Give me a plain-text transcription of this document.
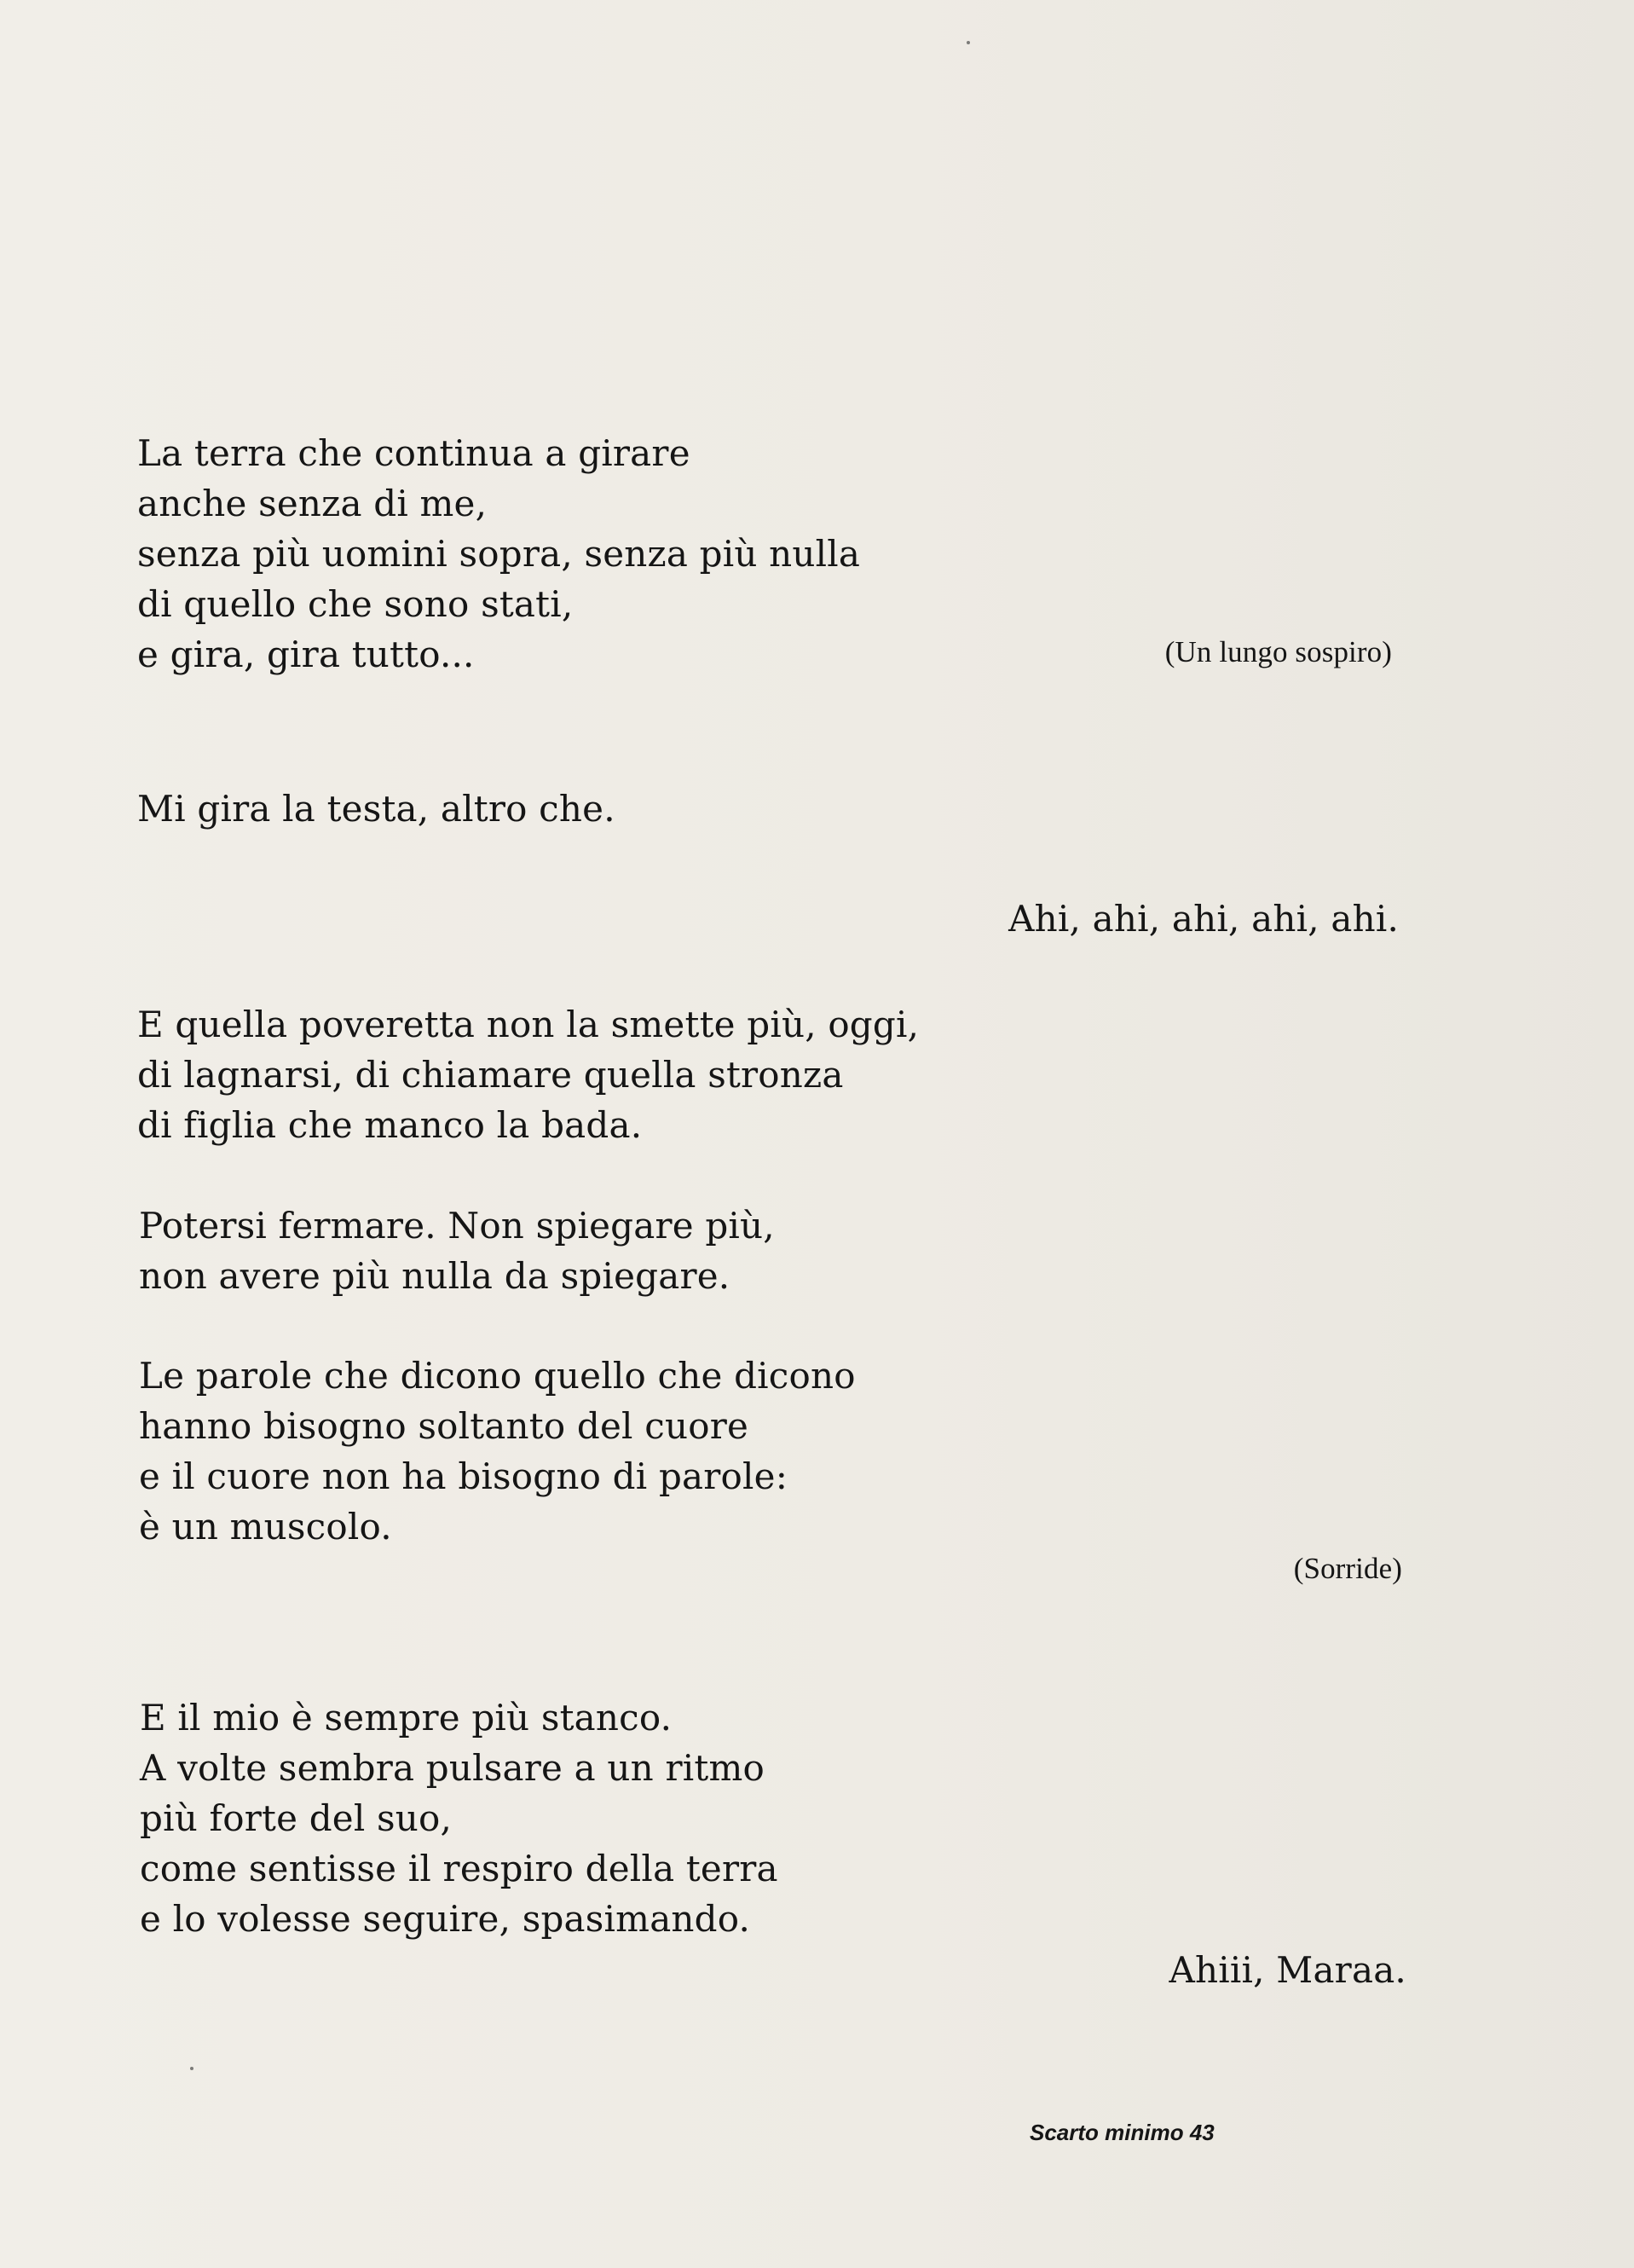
La terra che continua a girare

anche senza di me,

senza più uomini sopra, senza più nulla

di quello che sono stati,

e gira, gira tutto...	(Un lungo sospiro)

Mi gira la testa, altro che.

Ahi, ahi, ahi, ahi, ahi.

E quella poveretta non la smette più, oggi,

di lagnarsi, di chiamare quella stronza

di figlia che manco la bada.

Potersi fermare. Non spiegare più,

non avere più nulla da spiegare.

Le parole che dicono quello che dicono

hanno bisogno soltanto del cuore

e il cuore non ha bisogno di parole:

è un muscolo.

(Sorride)

E il mio è sempre più stanco.

A volte sembra pulsare a un ritmo

più forte del suo,

come sentisse il respiro della terra

e lo volesse seguire, spasimando.

Ahiii, Maraa.

Scarto minimo 43
